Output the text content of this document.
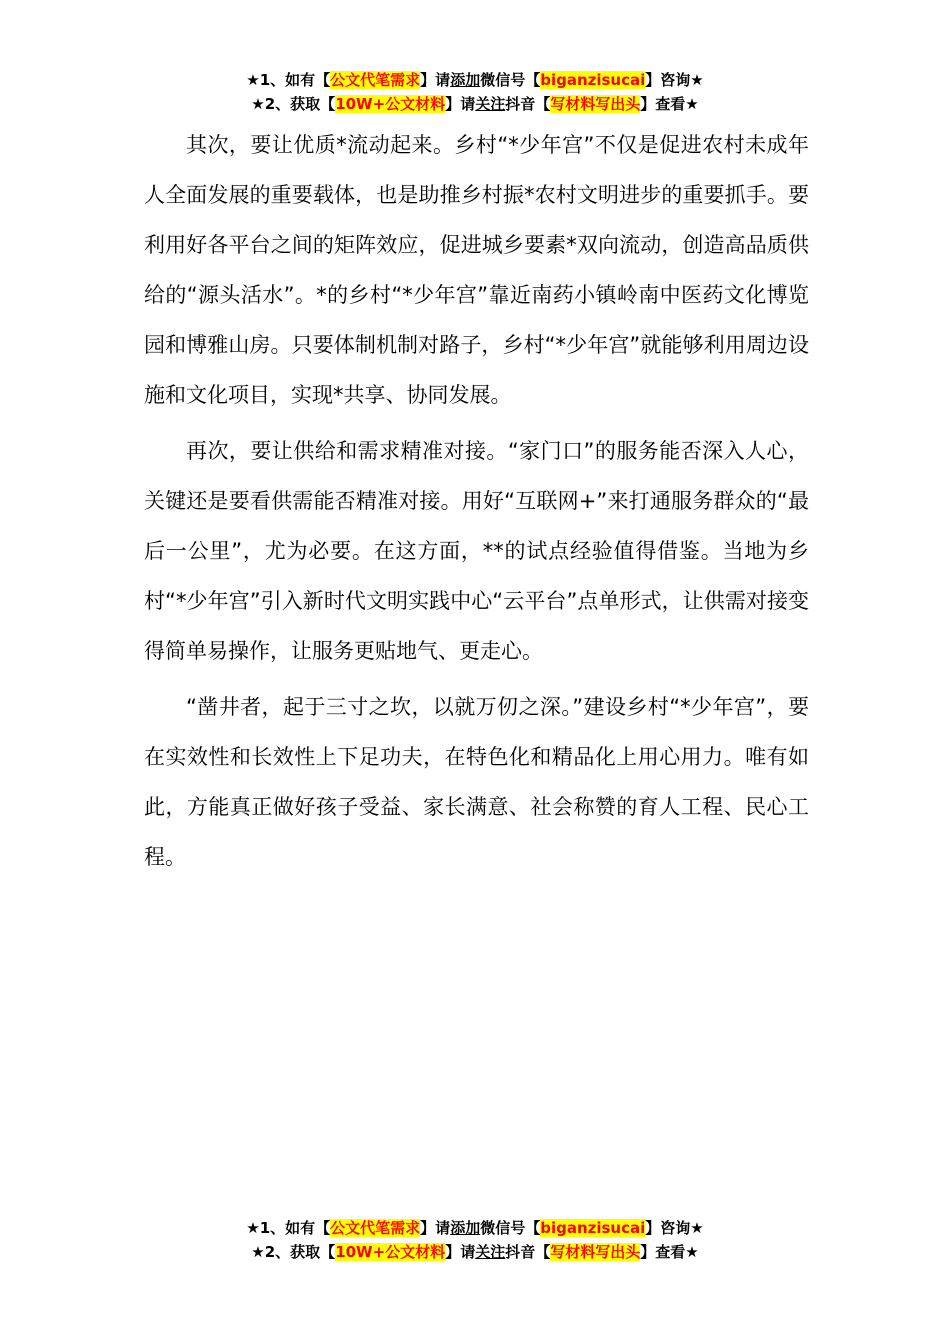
★1、如有【公文代笔需求】请添加微信号【biganzisucai】咨询★
★2、获取【10W+公文材料】请关注抖音【写材料写出头】查看★

其次，要让优质*流动起来。乡村“*少年宫”不仅是促进农村未成年人全面发展的重要载体，也是助推乡村振*农村文明进步的重要抓手。要利用好各平台之间的矩阵效应，促进城乡要素*双向流动，创造高品质供给的“源头活水”。*的乡村“*少年宫”靠近南药小镇岭南中医药文化博览园和博雅山房。只要体制机制对路子，乡村“*少年宫”就能够利用周边设施和文化项目，实现*共享、协同发展。

再次，要让供给和需求精准对接。“家门口”的服务能否深入人心，关键还是要看供需能否精准对接。用好“互联网+”来打通服务群众的“最后一公里”，尤为必要。在这方面，**的试点经验值得借鉴。当地为乡村“*少年宫”引入新时代文明实践中心“云平台”点单形式，让供需对接变得简单易操作，让服务更贴地气、更走心。

“凿井者，起于三寸之坎，以就万仞之深。”建设乡村“*少年宫”，要在实效性和长效性上下足功夫，在特色化和精品化上用心用力。唯有如此，方能真正做好孩子受益、家长满意、社会称赞的育人工程、民心工程。

★1、如有【公文代笔需求】请添加微信号【biganzisucai】咨询★
★2、获取【10W+公文材料】请关注抖音【写材料写出头】查看★
